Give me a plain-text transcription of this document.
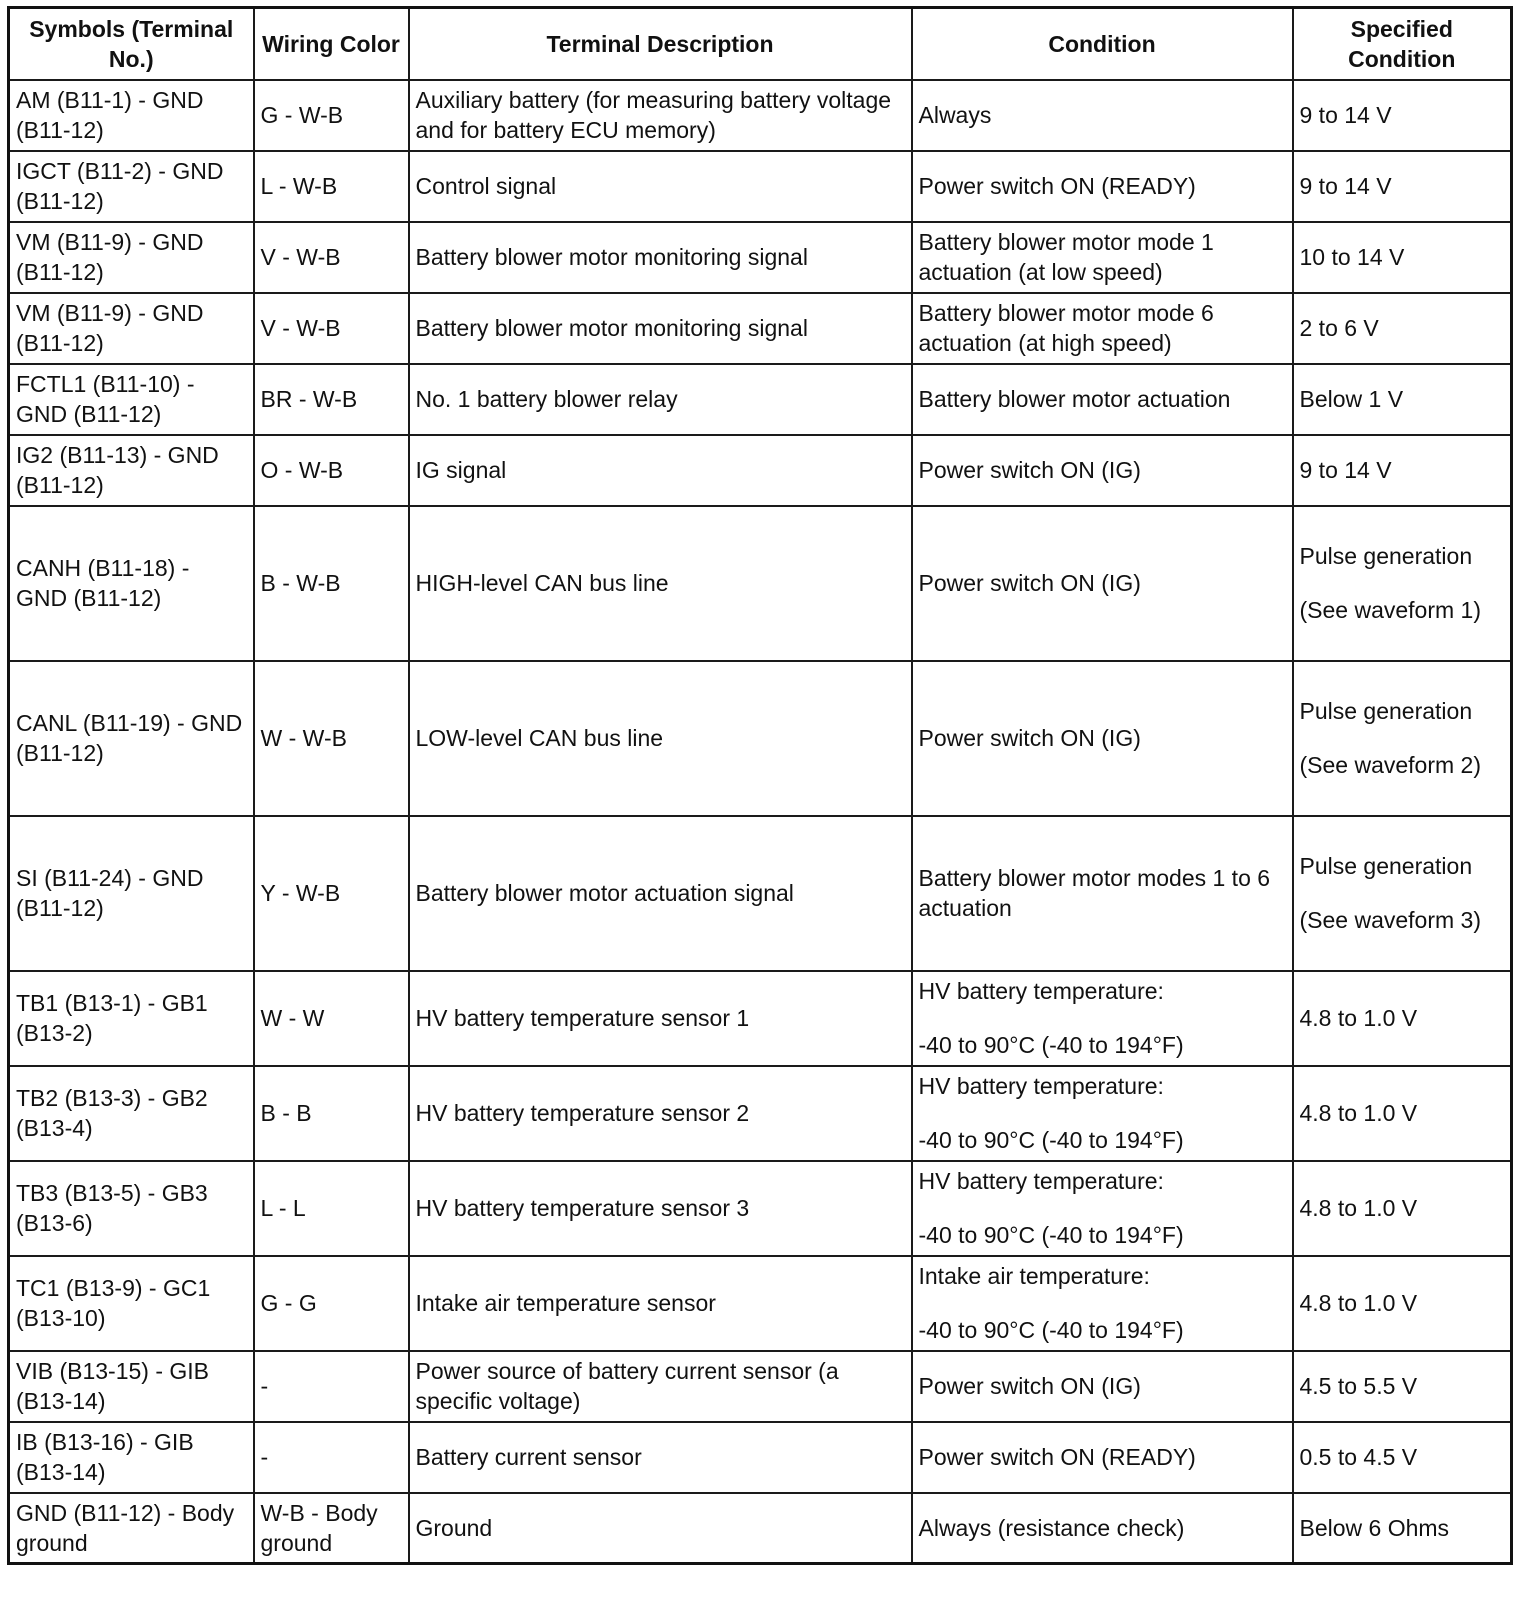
Symbols (Terminal No.)	Wiring Color	Terminal Description	Condition	Specified Condition
AM (B11-1) - GND (B11-12)	G - W-B	Auxiliary battery (for measuring battery voltage and for battery ECU memory)	Always	9 to 14 V

IGCT (B11-2) - GND (B11-12)	L - W-B	Control signal	Power switch ON (READY)	9 to 14 V

VM (B11-9) - GND (B11-12)	V - W-B	Battery blower motor monitoring signal	Battery blower motor mode 1 actuation (at low speed)	10 to 14 V

VM (B11-9) - GND (B11-12)	V - W-B	Battery blower motor monitoring signal	Battery blower motor mode 6 actuation (at high speed)	2 to 6 V

FCTL1 (B11-10) - GND (B11-12)	BR - W-B	No. 1 battery blower relay	Battery blower motor actuation	Below 1 V

IG2 (B11-13) - GND (B11-12)	O - W-B	IG signal	Power switch ON (IG)	9 to 14 V

CANH (B11-18) - GND (B11-12)	B - W-B	HIGH-level CAN bus line	Power switch ON (IG)	Pulse generation
(See waveform 1)

CANL (B11-19) - GND (B11-12)	W - W-B	LOW-level CAN bus line	Power switch ON (IG)	Pulse generation
(See waveform 2)

SI (B11-24) - GND (B11-12)	Y - W-B	Battery blower motor actuation signal	Battery blower motor modes 1 to 6 actuation	Pulse generation
(See waveform 3)

TB1 (B13-1) - GB1 (B13-2)	W - W	HV battery temperature sensor 1	HV battery temperature:
-40 to 90°C (-40 to 194°F)	4.8 to 1.0 V

TB2 (B13-3) - GB2 (B13-4)	B - B	HV battery temperature sensor 2	HV battery temperature:
-40 to 90°C (-40 to 194°F)	4.8 to 1.0 V

TB3 (B13-5) - GB3 (B13-6)	L - L	HV battery temperature sensor 3	HV battery temperature:
-40 to 90°C (-40 to 194°F)	4.8 to 1.0 V

TC1 (B13-9) - GC1 (B13-10)	G - G	Intake air temperature sensor	Intake air temperature:
-40 to 90°C (-40 to 194°F)	4.8 to 1.0 V

VIB (B13-15) - GIB (B13-14)	-	Power source of battery current sensor (a specific voltage)	Power switch ON (IG)	4.5 to 5.5 V

IB (B13-16) - GIB (B13-14)	-	Battery current sensor	Power switch ON (READY)	0.5 to 4.5 V

GND (B11-12) - Body ground	W-B - Body ground	Ground	Always (resistance check)	Below 6 Ohms
